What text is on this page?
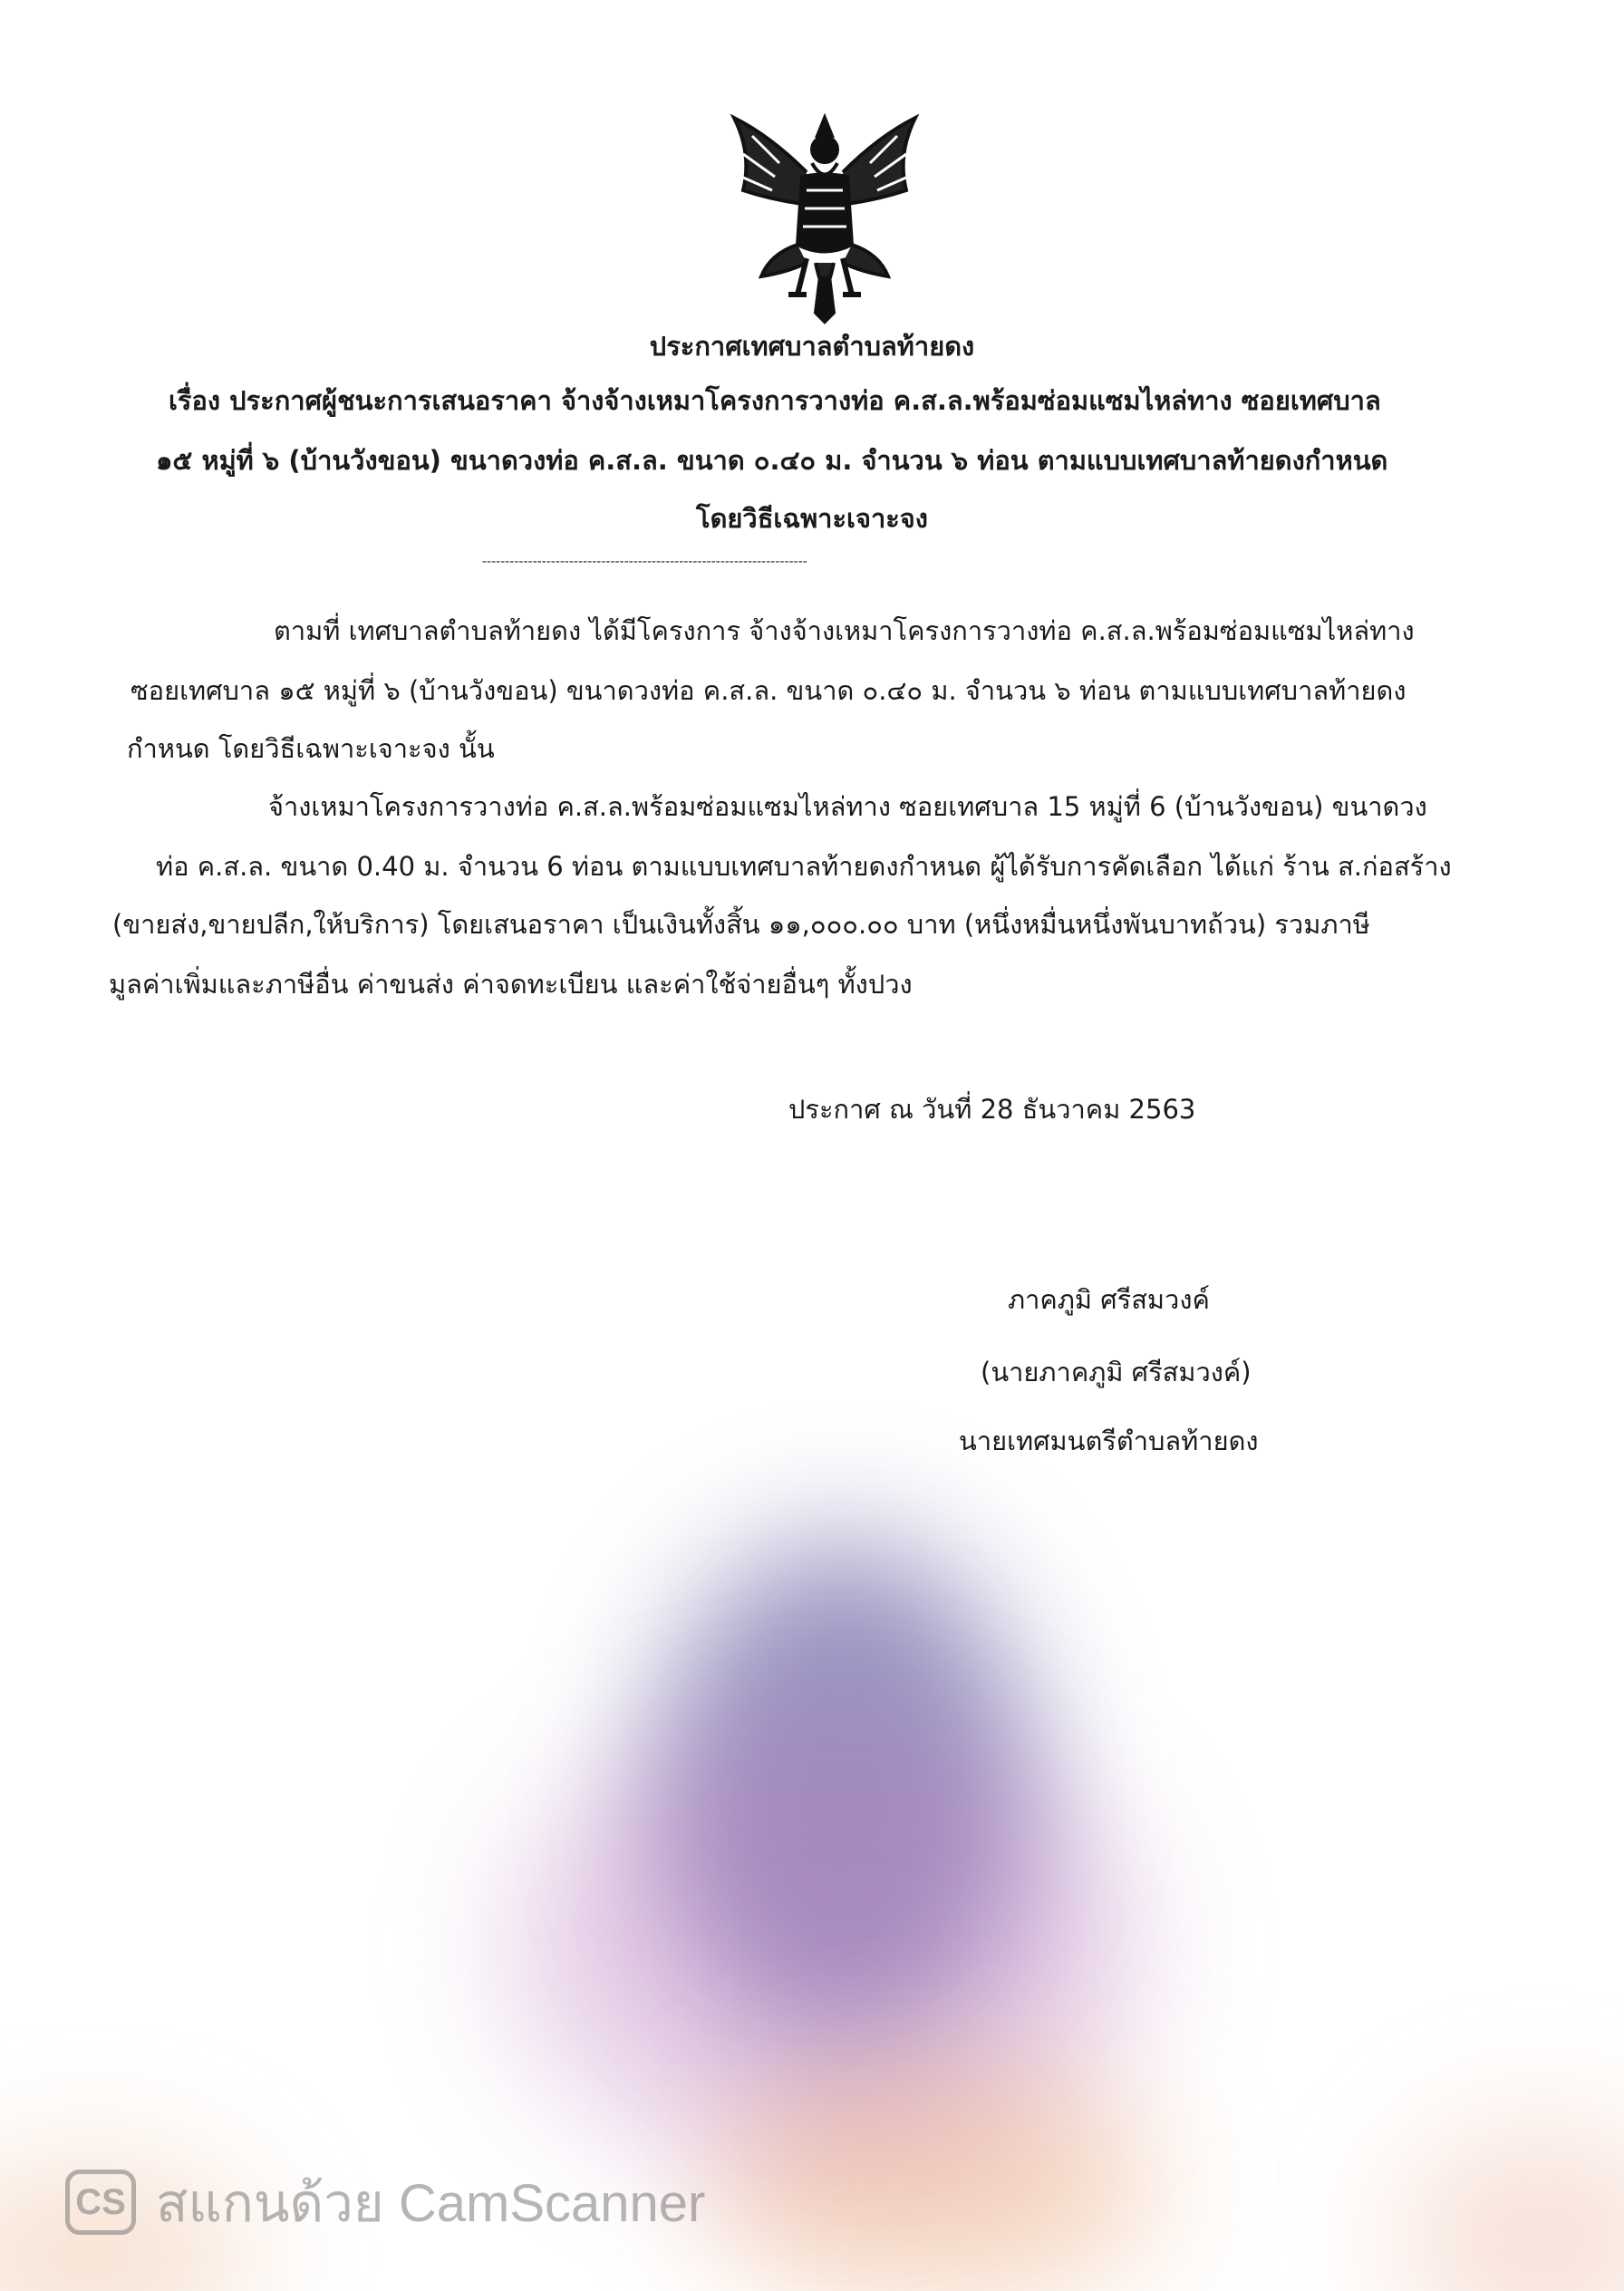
ประกาศเทศบาลตำบลท้ายดง
เรื่อง ประกาศผู้ชนะการเสนอราคา จ้างจ้างเหมาโครงการวางท่อ ค.ส.ล.พร้อมซ่อมแซมไหล่ทาง ซอยเทศบาล
๑๕ หมู่ที่ ๖ (บ้านวังขอน) ขนาดวงท่อ ค.ส.ล. ขนาด ๐.๔๐ ม. จำนวน ๖ ท่อน ตามแบบเทศบาลท้ายดงกำหนด
โดยวิธีเฉพาะเจาะจง
-----------------------------------------------------------------------
ตามที่ เทศบาลตำบลท้ายดง ได้มีโครงการ จ้างจ้างเหมาโครงการวางท่อ ค.ส.ล.พร้อมซ่อมแซมไหล่ทาง
ซอยเทศบาล ๑๕ หมู่ที่ ๖ (บ้านวังขอน) ขนาดวงท่อ ค.ส.ล. ขนาด ๐.๔๐ ม. จำนวน ๖ ท่อน ตามแบบเทศบาลท้ายดง
กำหนด โดยวิธีเฉพาะเจาะจง นั้น
จ้างเหมาโครงการวางท่อ ค.ส.ล.พร้อมซ่อมแซมไหล่ทาง ซอยเทศบาล 15 หมู่ที่ 6 (บ้านวังขอน) ขนาดวง
ท่อ ค.ส.ล. ขนาด 0.40 ม. จำนวน 6 ท่อน ตามแบบเทศบาลท้ายดงกำหนด ผู้ได้รับการคัดเลือก ได้แก่ ร้าน ส.ก่อสร้าง
(ขายส่ง,ขายปลีก,ให้บริการ) โดยเสนอราคา เป็นเงินทั้งสิ้น ๑๑,๐๐๐.๐๐ บาท (หนึ่งหมื่นหนึ่งพันบาทถ้วน) รวมภาษี
มูลค่าเพิ่มและภาษีอื่น ค่าขนส่ง ค่าจดทะเบียน และค่าใช้จ่ายอื่นๆ ทั้งปวง
ประกาศ ณ วันที่ 28 ธันวาคม 2563
ภาคภูมิ ศรีสมวงค์
(นายภาคภูมิ ศรีสมวงค์)
นายเทศมนตรีตำบลท้ายดง
CS สแกนด้วย CamScanner
